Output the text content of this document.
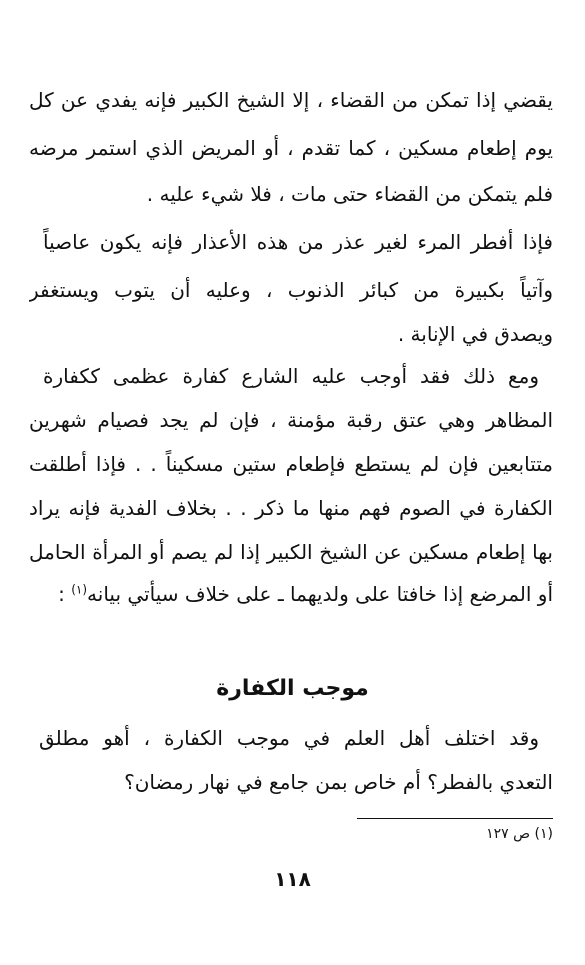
يقضي إذا تمكن من القضاء ، إلا الشيخ الكبير فإنه يفدي عن كل
يوم إطعام مسكين ، كما تقدم ، أو المريض الذي استمر مرضه
فلم يتمكن من القضاء حتى مات ، فلا شيء عليه .
فإذا أفطر المرء لغير عذر من هذه الأعذار فإنه يكون عاصياً
وآتياً بكبيرة من كبائر الذنوب ، وعليه أن يتوب ويستغفر
ويصدق في الإنابة .
ومع ذلك فقد أوجب عليه الشارع كفارة عظمى ككفارة
المظاهر وهي عتق رقبة مؤمنة ، فإن لم يجد فصيام شهرين
متتابعين فإن لم يستطع فإطعام ستين مسكيناً . . فإذا أطلقت
الكفارة في الصوم فهم منها ما ذكر . . بخلاف الفدية فإنه يراد
بها إطعام مسكين عن الشيخ الكبير إذا لم يصم أو المرأة الحامل
أو المرضع إذا خافتا على ولديهما ـ على خلاف سيأتي بيانه$^{(١)}$ :
موجب الكفارة
وقد اختلف أهل العلم في موجب الكفارة ، أهو مطلق
التعدي بالفطر؟ أم خاص بمن جامع في نهار رمضان؟
(١) ص ١٢٧
١١٨
